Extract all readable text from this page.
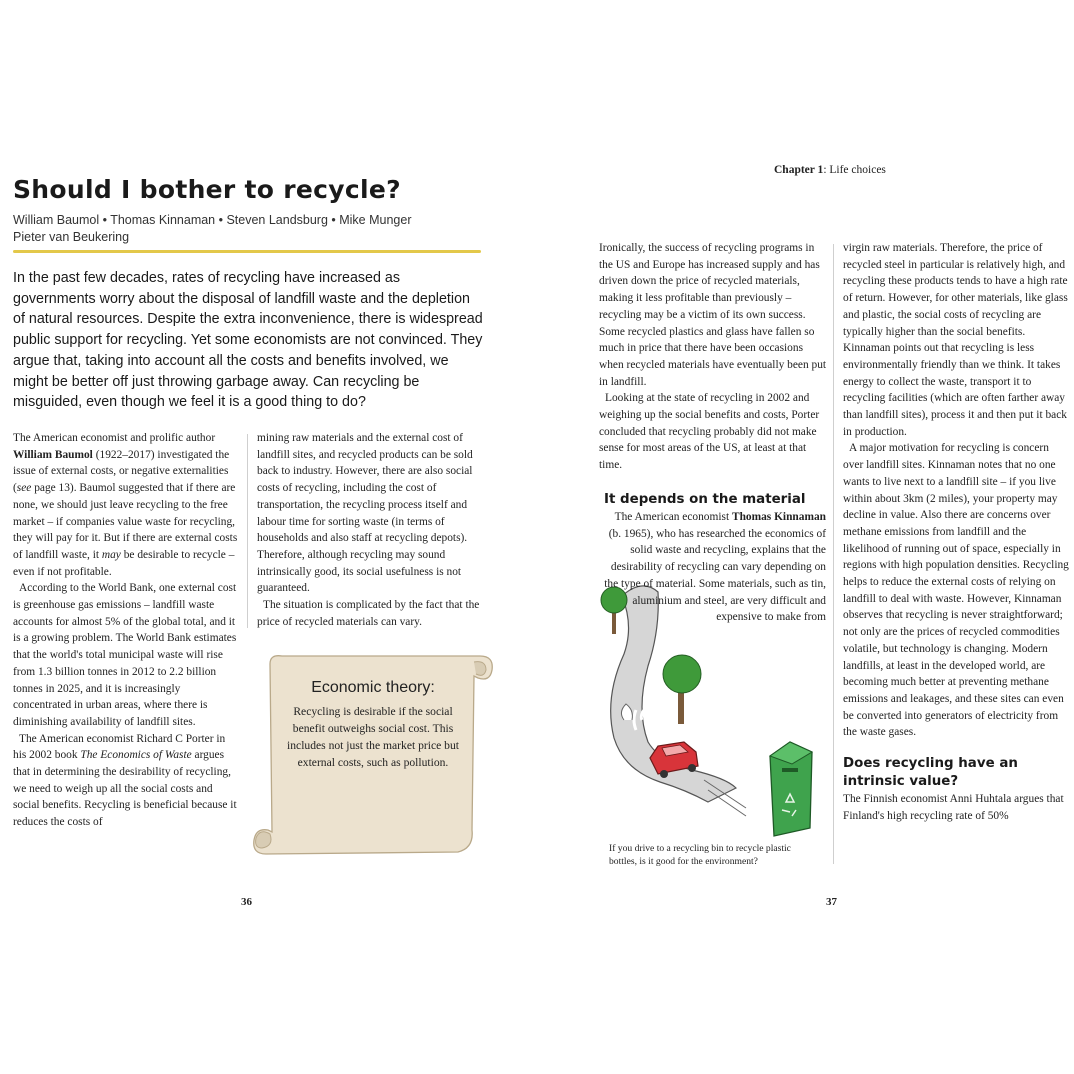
Should I bother to recycle?
William Baumol • Thomas Kinnaman • Steven Landsburg • Mike Munger
Pieter van Beukering
In the past few decades, rates of recycling have increased as governments worry about the disposal of landfill waste and the depletion of natural resources. Despite the extra inconvenience, there is widespread public support for recycling. Yet some economists are not convinced. They argue that, taking into account all the costs and benefits involved, we might be better off just throwing garbage away. Can recycling be misguided, even though we feel it is a good thing to do?

The American economist and prolific author William Baumol (1922–2017) investigated the issue of external costs, or negative externalities (see page 13). Baumol suggested that if there are none, we should just leave recycling to the free market – if companies value waste for recycling, they will pay for it. But if there are external costs of landfill waste, it may be desirable to recycle – even if not profitable.

According to the World Bank, one external cost is greenhouse gas emissions – landfill waste accounts for almost 5% of the global total, and it is a growing problem. The World Bank estimates that the world's total municipal waste will rise from 1.3 billion tonnes in 2012 to 2.2 billion tonnes in 2025, and it is increasingly concentrated in urban areas, where there is diminishing availability of landfill sites.

The American economist Richard C Porter in his 2002 book The Economics of Waste argues that in determining the desirability of recycling, we need to weigh up all the social costs and social benefits. Recycling is beneficial because it reduces the costs of

mining raw materials and the external cost of landfill sites, and recycled products can be sold back to industry. However, there are also social costs of recycling, including the cost of transportation, the recycling process itself and labour time for sorting waste (in terms of households and also staff at recycling depots). Therefore, although recycling may sound intrinsically good, its social usefulness is not guaranteed.

The situation is complicated by the fact that the price of recycled materials can vary.

Economic theory:
Recycling is desirable if the social benefit outweighs social cost. This includes not just the market price but external costs, such as pollution.
36
Chapter 1: Life choices

Ironically, the success of recycling programs in the US and Europe has increased supply and has driven down the price of recycled materials, making it less profitable than previously – recycling may be a victim of its own success. Some recycled plastics and glass have fallen so much in price that there have been occasions when recycled materials have eventually been put in landfill.

Looking at the state of recycling in 2002 and weighing up the social benefits and costs, Porter concluded that recycling probably did not make sense for most areas of the US, at least at that time.

It depends on the material
The American economist Thomas Kinnaman (b. 1965), who has researched the economics of solid waste and recycling, explains that the desirability of recycling can vary depending on the type of material. Some materials, such as tin, aluminium and steel, are very difficult and expensive to make from
If you drive to a recycling bin to recycle plastic bottles, is it good for the environment?

virgin raw materials. Therefore, the price of recycled steel in particular is relatively high, and recycling these products tends to have a high rate of return. However, for other materials, like glass and plastic, the social costs of recycling are typically higher than the social benefits. Kinnaman points out that recycling is less environmentally friendly than we think. It takes energy to collect the waste, transport it to recycling facilities (which are often farther away than landfill sites), process it and then put it back in production.

A major motivation for recycling is concern over landfill sites. Kinnaman notes that no one wants to live next to a landfill site – if you live within about 3km (2 miles), your property may decline in value. Also there are concerns over methane emissions from landfill and the likelihood of running out of space, especially in regions with high population densities. Recycling helps to reduce the external costs of relying on landfill to deal with waste. However, Kinnaman observes that recycling is never straightforward; not only are the prices of recycled commodities volatile, but technology is changing. Modern landfills, at least in the developed world, are becoming much better at preventing methane emissions and leakages, and these sites can even be converted into generators of electricity from the waste gases.

Does recycling have an intrinsic value?

The Finnish economist Anni Huhtala argues that Finland's high recycling rate of 50%

37
